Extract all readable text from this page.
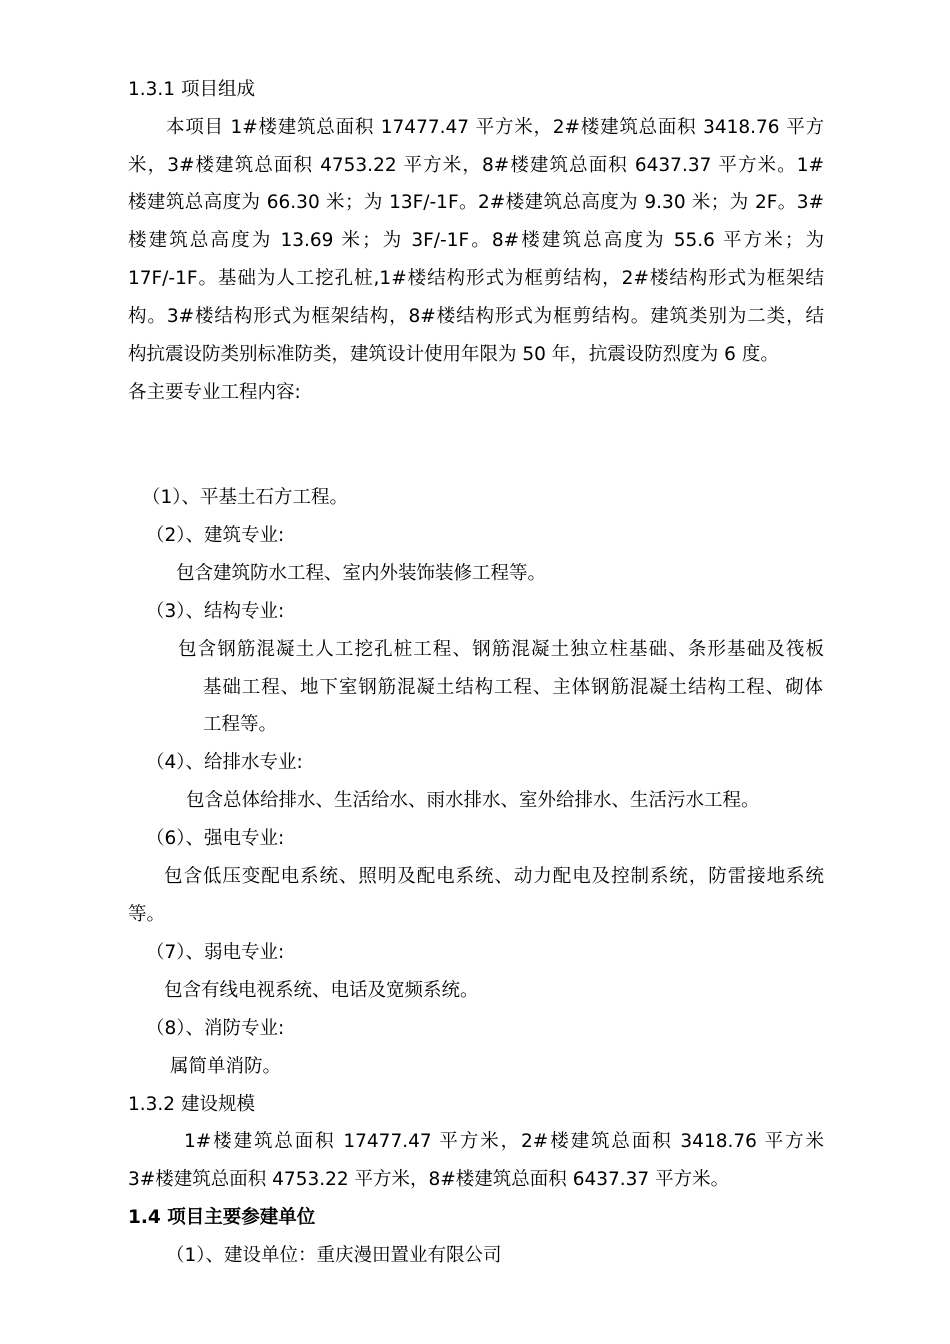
1.3.1 项目组成
本项目 1#楼建筑总面积 17477.47 平方米，2#楼建筑总面积 3418.76 平方
米，3#楼建筑总面积 4753.22 平方米，8#楼建筑总面积 6437.37 平方米。1#
楼建筑总高度为 66.30 米；为 13F/-1F。2#楼建筑总高度为 9.30 米；为 2F。3#
楼建筑总高度为 13.69 米；为 3F/-1F。8#楼建筑总高度为 55.6 平方米；为
17F/-1F。基础为人工挖孔桩,1#楼结构形式为框剪结构，2#楼结构形式为框架结
构。3#楼结构形式为框架结构，8#楼结构形式为框剪结构。建筑类别为二类，结
构抗震设防类别标准防类，建筑设计使用年限为 50 年，抗震设防烈度为 6 度。
各主要专业工程内容:
（1）、平基土石方工程。
（2）、建筑专业:
包含建筑防水工程、室内外装饰装修工程等。
（3）、结构专业:
包含钢筋混凝土人工挖孔桩工程、钢筋混凝土独立柱基础、条形基础及筏板
基础工程、地下室钢筋混凝土结构工程、主体钢筋混凝土结构工程、砌体
工程等。
（4）、给排水专业:
包含总体给排水、生活给水、雨水排水、室外给排水、生活污水工程。
（6）、强电专业:
包含低压变配电系统、照明及配电系统、动力配电及控制系统，防雷接地系统
等。
（7）、弱电专业:
包含有线电视系统、电话及宽频系统。
（8）、消防专业:
属简单消防。
1.3.2 建设规模
1#楼建筑总面积 17477.47 平方米，2#楼建筑总面积 3418.76 平方米
3#楼建筑总面积 4753.22 平方米，8#楼建筑总面积 6437.37 平方米。
1.4 项目主要参建单位
（1）、建设单位：重庆漫田置业有限公司
